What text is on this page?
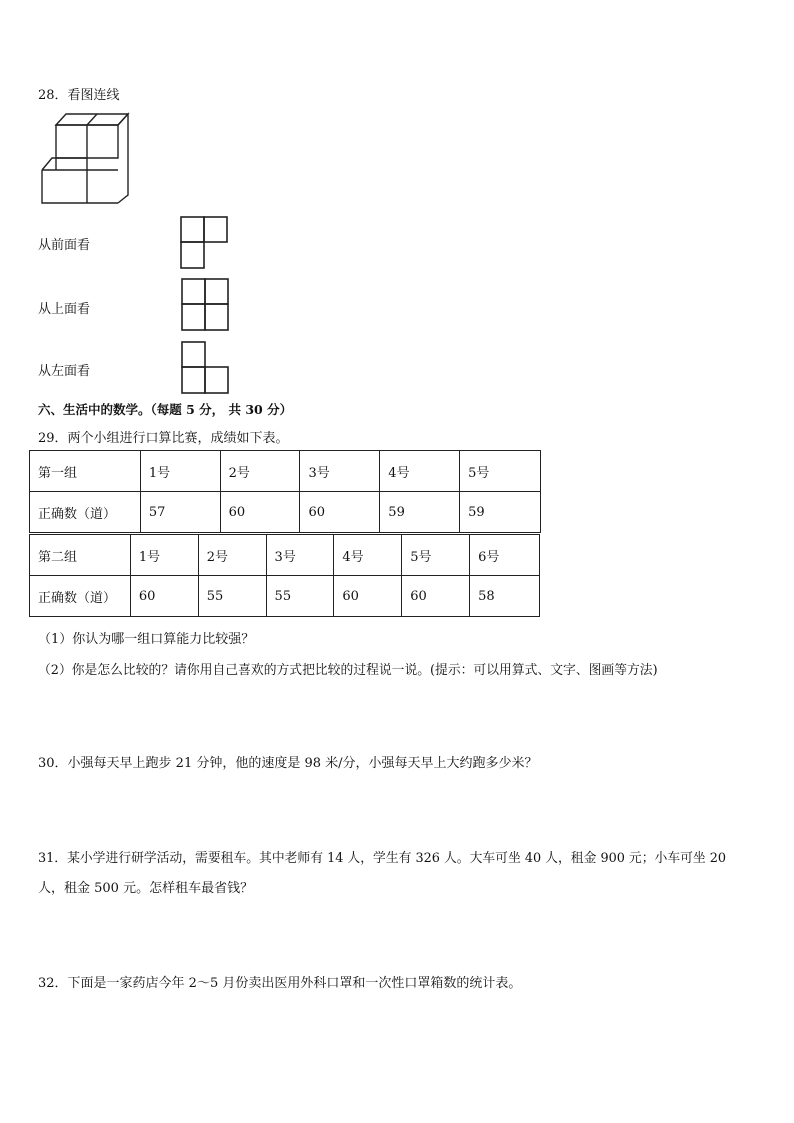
28．看图连线
从前面看
从上面看
从左面看
六、生活中的数学。（每题 5 分， 共 30 分）
29．两个小组进行口算比赛，成绩如下表。
第一组	1号	2号	3号	4号	5号
正确数（道）	57	60	60	59	59
第二组	1号	2号	3号	4号	5号	6号
正确数（道）	60	55	55	60	60	58
（1）你认为哪一组口算能力比较强？
（2）你是怎么比较的？请你用自己喜欢的方式把比较的过程说一说。(提示：可以用算式、文字、图画等方法)
30．小强每天早上跑步 21 分钟，他的速度是 98 米/分，小强每天早上大约跑多少米？
31．某小学进行研学活动，需要租车。其中老师有 14 人，学生有 326 人。大车可坐 40 人，租金 900 元；小车可坐 20
人，租金 500 元。怎样租车最省钱？
32．下面是一家药店今年 2～5 月份卖出医用外科口罩和一次性口罩箱数的统计表。
